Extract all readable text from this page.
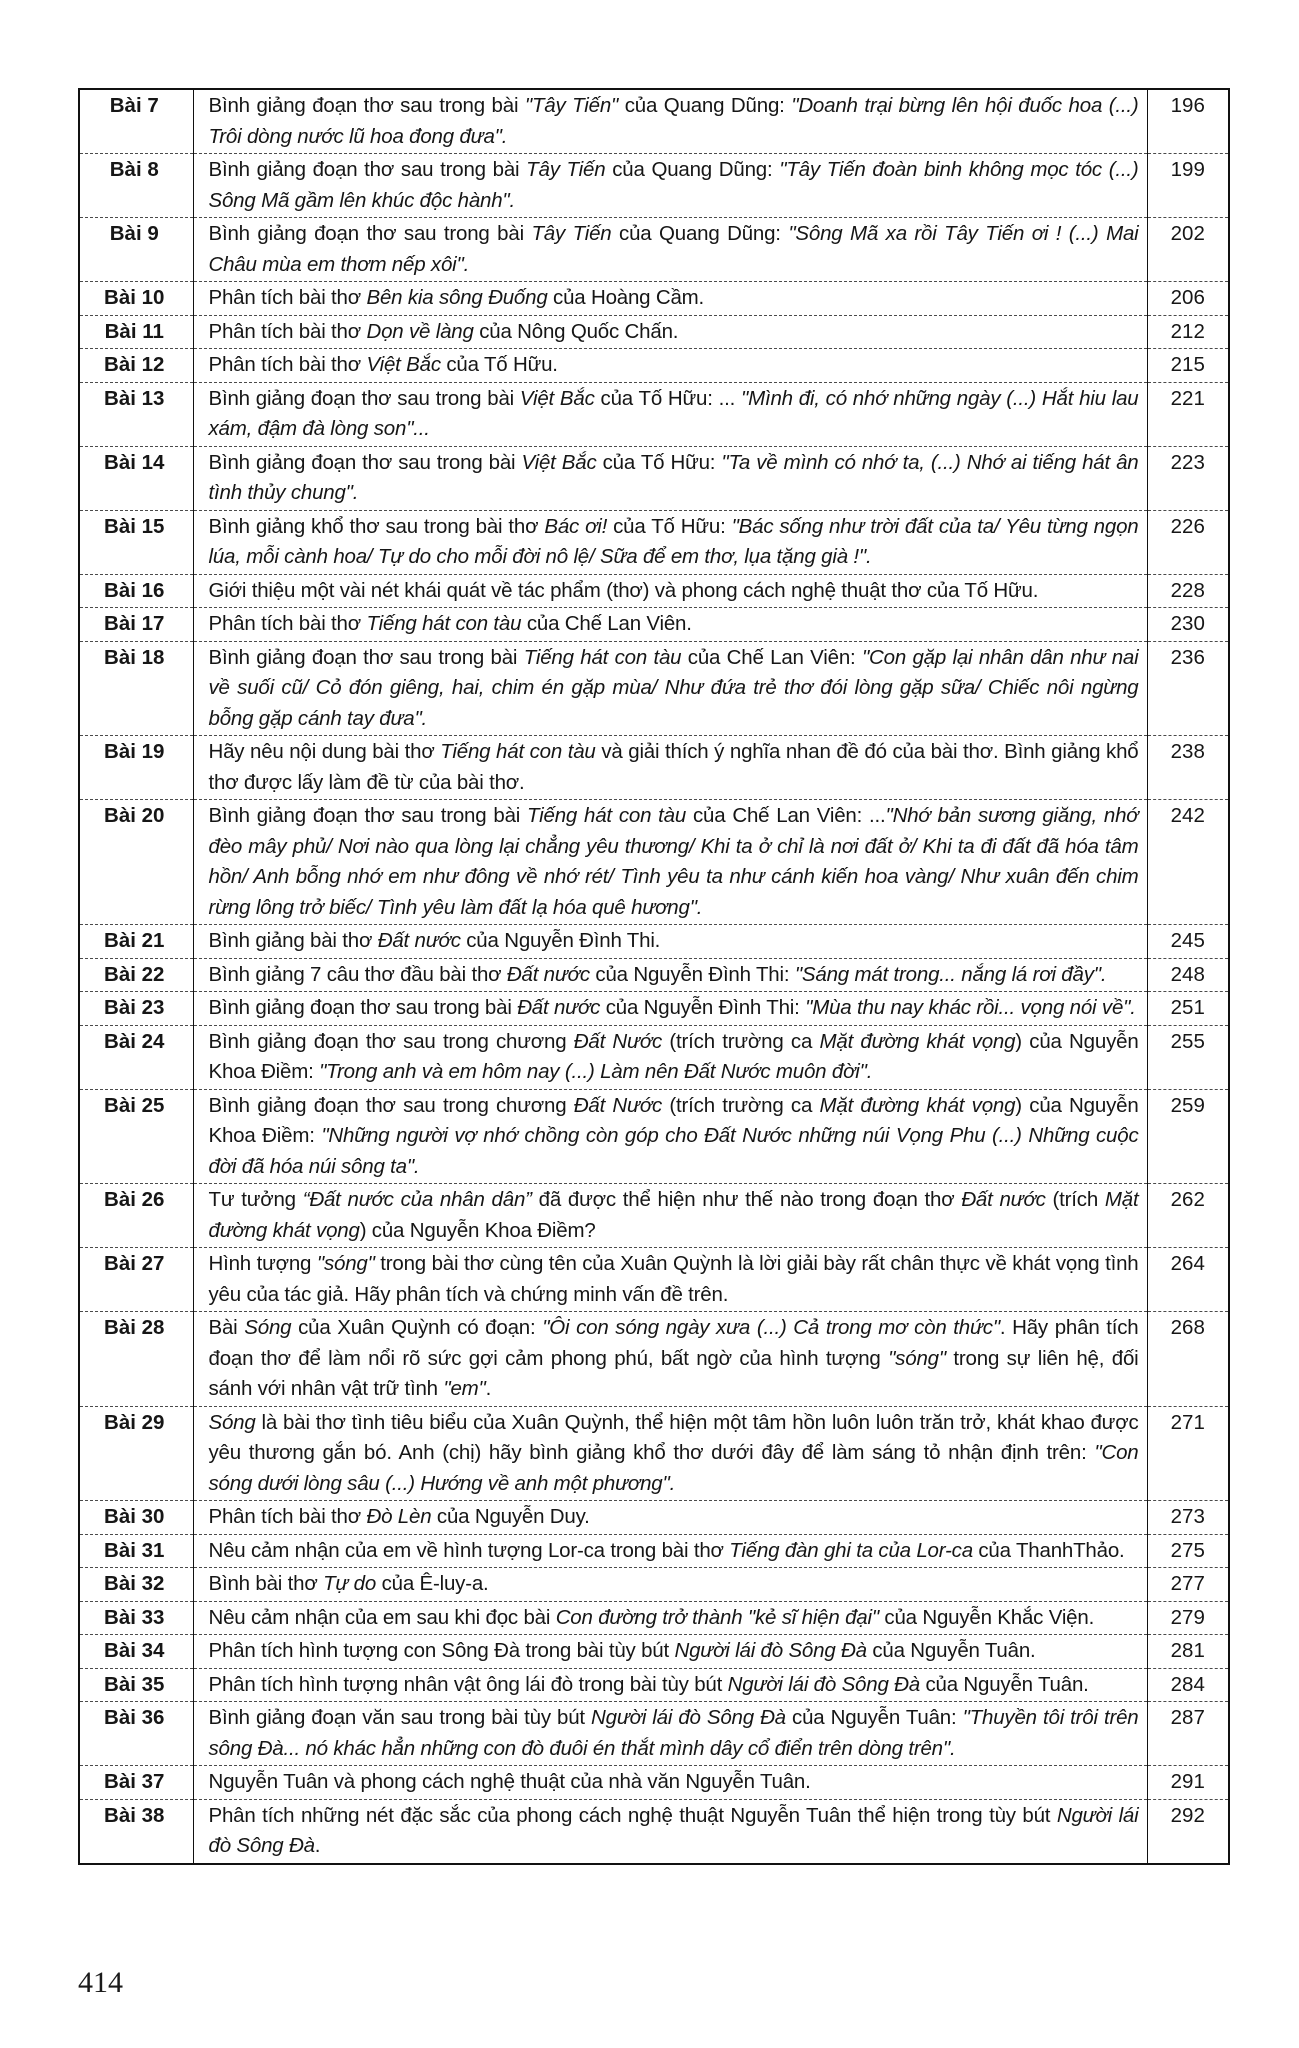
Bài 7	Bình giảng đoạn thơ sau trong bài "Tây Tiến" của Quang Dũng: "Doanh trại bừng lên hội đuốc hoa (...) Trôi dòng nước lũ hoa đong đưa".	196
Bài 8	Bình giảng đoạn thơ sau trong bài Tây Tiến của Quang Dũng: "Tây Tiến đoàn binh không mọc tóc (...) Sông Mã gầm lên khúc độc hành".	199
Bài 9	Bình giảng đoạn thơ sau trong bài Tây Tiến của Quang Dũng: "Sông Mã xa rồi Tây Tiến ơi ! (...) Mai Châu mùa em thơm nếp xôi".	202
Bài 10	Phân tích bài thơ Bên kia sông Đuống của Hoàng Cầm.	206
Bài 11	Phân tích bài thơ Dọn về làng của Nông Quốc Chấn.	212
Bài 12	Phân tích bài thơ Việt Bắc của Tố Hữu.	215
Bài 13	Bình giảng đoạn thơ sau trong bài Việt Bắc của Tố Hữu: ... "Mình đi, có nhớ những ngày (...) Hắt hiu lau xám, đậm đà lòng son"...	221
Bài 14	Bình giảng đoạn thơ sau trong bài Việt Bắc của Tố Hữu: "Ta về mình có nhớ ta, (...) Nhớ ai tiếng hát ân tình thủy chung".	223
Bài 15	Bình giảng khổ thơ sau trong bài thơ Bác ơi! của Tố Hữu: "Bác sống như trời đất của ta/ Yêu từng ngọn lúa, mỗi cành hoa/ Tự do cho mỗi đời nô lệ/ Sữa để em thơ, lụa tặng già !".	226
Bài 16	Giới thiệu một vài nét khái quát về tác phẩm (thơ) và phong cách nghệ thuật thơ của Tố Hữu.	228
Bài 17	Phân tích bài thơ Tiếng hát con tàu của Chế Lan Viên.	230
Bài 18	Bình giảng đoạn thơ sau trong bài Tiếng hát con tàu của Chế Lan Viên: "Con gặp lại nhân dân như nai về suối cũ/ Cỏ đón giêng, hai, chim én gặp mùa/ Như đứa trẻ thơ đói lòng gặp sữa/ Chiếc nôi ngừng bỗng gặp cánh tay đưa".	236
Bài 19	Hãy nêu nội dung bài thơ Tiếng hát con tàu và giải thích ý nghĩa nhan đề đó của bài thơ. Bình giảng khổ thơ được lấy làm đề từ của bài thơ.	238
Bài 20	Bình giảng đoạn thơ sau trong bài Tiếng hát con tàu của Chế Lan Viên: ..."Nhớ bản sương giăng, nhớ đèo mây phủ/ Nơi nào qua lòng lại chẳng yêu thương/ Khi ta ở chỉ là nơi đất ở/ Khi ta đi đất đã hóa tâm hồn/ Anh bỗng nhớ em như đông về nhớ rét/ Tình yêu ta như cánh kiến hoa vàng/ Như xuân đến chim rừng lông trở biếc/ Tình yêu làm đất lạ hóa quê hương".	242
Bài 21	Bình giảng bài thơ Đất nước của Nguyễn Đình Thi.	245
Bài 22	Bình giảng 7 câu thơ đầu bài thơ Đất nước của Nguyễn Đình Thi: "Sáng mát trong... nắng lá rơi đầy".	248
Bài 23	Bình giảng đoạn thơ sau trong bài Đất nước của Nguyễn Đình Thi: "Mùa thu nay khác rồi... vọng nói về".	251
Bài 24	Bình giảng đoạn thơ sau trong chương Đất Nước (trích trường ca Mặt đường khát vọng) của Nguyễn Khoa Điềm: "Trong anh và em hôm nay (...) Làm nên Đất Nước muôn đời".	255
Bài 25	Bình giảng đoạn thơ sau trong chương Đất Nước (trích trường ca Mặt đường khát vọng) của Nguyễn Khoa Điềm: "Những người vợ nhớ chồng còn góp cho Đất Nước những núi Vọng Phu (...) Những cuộc đời đã hóa núi sông ta".	259
Bài 26	Tư tưởng “Đất nước của nhân dân” đã được thể hiện như thế nào trong đoạn thơ Đất nước (trích Mặt đường khát vọng) của Nguyễn Khoa Điềm?	262
Bài 27	Hình tượng "sóng" trong bài thơ cùng tên của Xuân Quỳnh là lời giải bày rất chân thực về khát vọng tình yêu của tác giả. Hãy phân tích và chứng minh vấn đề trên.	264
Bài 28	Bài Sóng của Xuân Quỳnh có đoạn: "Ôi con sóng ngày xưa (...) Cả trong mơ còn thức". Hãy phân tích đoạn thơ để làm nổi rõ sức gợi cảm phong phú, bất ngờ của hình tượng "sóng" trong sự liên hệ, đối sánh với nhân vật trữ tình "em".	268
Bài 29	Sóng là bài thơ tình tiêu biểu của Xuân Quỳnh, thể hiện một tâm hồn luôn luôn trăn trở, khát khao được yêu thương gắn bó. Anh (chị) hãy bình giảng khổ thơ dưới đây để làm sáng tỏ nhận định trên: "Con sóng dưới lòng sâu (...) Hướng về anh một phương".	271
Bài 30	Phân tích bài thơ Đò Lèn của Nguyễn Duy.	273
Bài 31	Nêu cảm nhận của em về hình tượng Lor-ca trong bài thơ Tiếng đàn ghi ta của Lor-ca của ThanhThảo.	275
Bài 32	Bình bài thơ Tự do của Ê-luy-a.	277
Bài 33	Nêu cảm nhận của em sau khi đọc bài Con đường trở thành "kẻ sĩ hiện đại" của Nguyễn Khắc Viện.	279
Bài 34	Phân tích hình tượng con Sông Đà trong bài tùy bút Người lái đò Sông Đà của Nguyễn Tuân.	281
Bài 35	Phân tích hình tượng nhân vật ông lái đò trong bài tùy bút Người lái đò Sông Đà của Nguyễn Tuân.	284
Bài 36	Bình giảng đoạn văn sau trong bài tùy bút Người lái đò Sông Đà của Nguyễn Tuân: "Thuyền tôi trôi trên sông Đà... nó khác hẳn những con đò đuôi én thắt mình dây cổ điển trên dòng trên".	287
Bài 37	Nguyễn Tuân và phong cách nghệ thuật của nhà văn Nguyễn Tuân.	291
Bài 38	Phân tích những nét đặc sắc của phong cách nghệ thuật Nguyễn Tuân thể hiện trong tùy bút Người lái đò Sông Đà.	292
414
